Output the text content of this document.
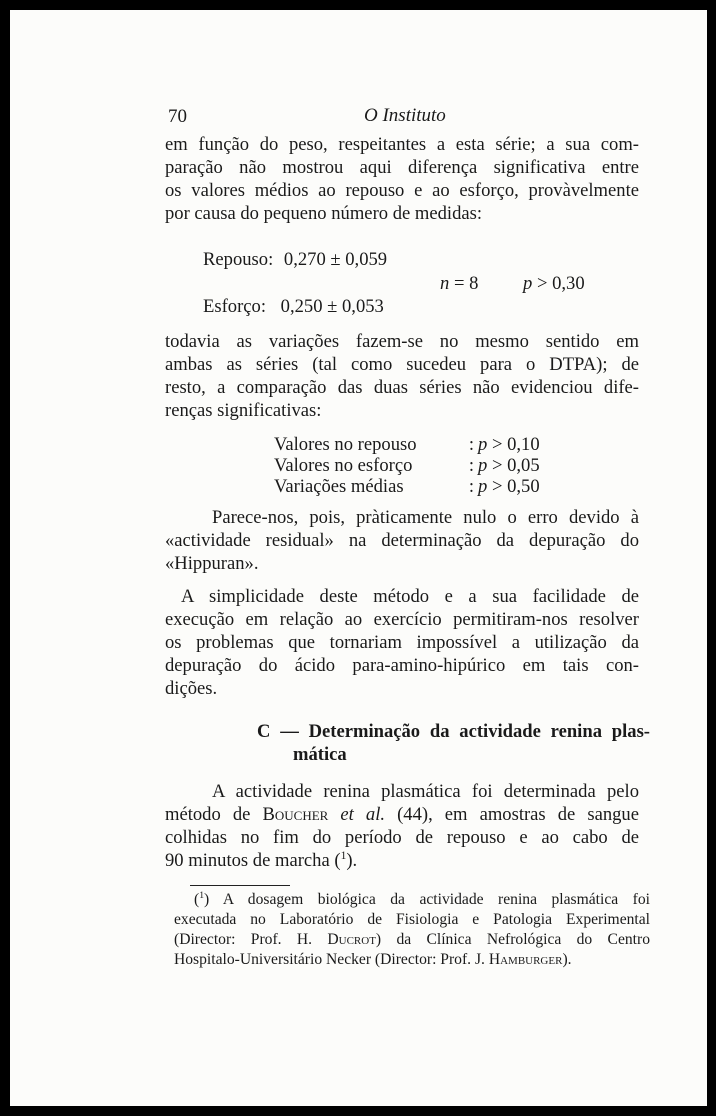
70	O Instituto
em função do peso, respeitantes a esta série; a sua com-
paração não mostrou aqui diferença significativa entre
os valores médios ao repouso e ao esforço, provàvelmente
por causa do pequeno número de medidas:
Repouso: 0,270 ± 0,059
n = 8 p > 0,30
Esforço: 0,250 ± 0,053
todavia as variações fazem-se no mesmo sentido em
ambas as séries (tal como sucedeu para o DTPA); de
resto, a comparação das duas séries não evidenciou dife-
renças significativas:
Valores no repouso	: p > 0,10
Valores no esforço	: p > 0,05
Variações médias	: p > 0,50
Parece-nos, pois, pràticamente nulo o erro devido à
«actividade residual» na determinação da depuração do
«Hippuran».
A simplicidade deste método e a sua facilidade de
execução em relação ao exercício permitiram-nos resolver
os problemas que tornariam impossível a utilização da
depuração do ácido para-amino-hipúrico em tais con-
dições.
C — Determinação da actividade renina plas-
mática
A actividade renina plasmática foi determinada pelo
método de Boucher et al. (44), em amostras de sangue
colhidas no fim do período de repouso e ao cabo de
90 minutos de marcha ($^1$).
($^1$) A dosagem biológica da actividade renina plasmática foi
executada no Laboratório de Fisiologia e Patologia Experimental
(Director: Prof. H. Ducrot) da Clínica Nefrológica do Centro
Hospitalo-Universitário Necker (Director: Prof. J. Hamburger).
